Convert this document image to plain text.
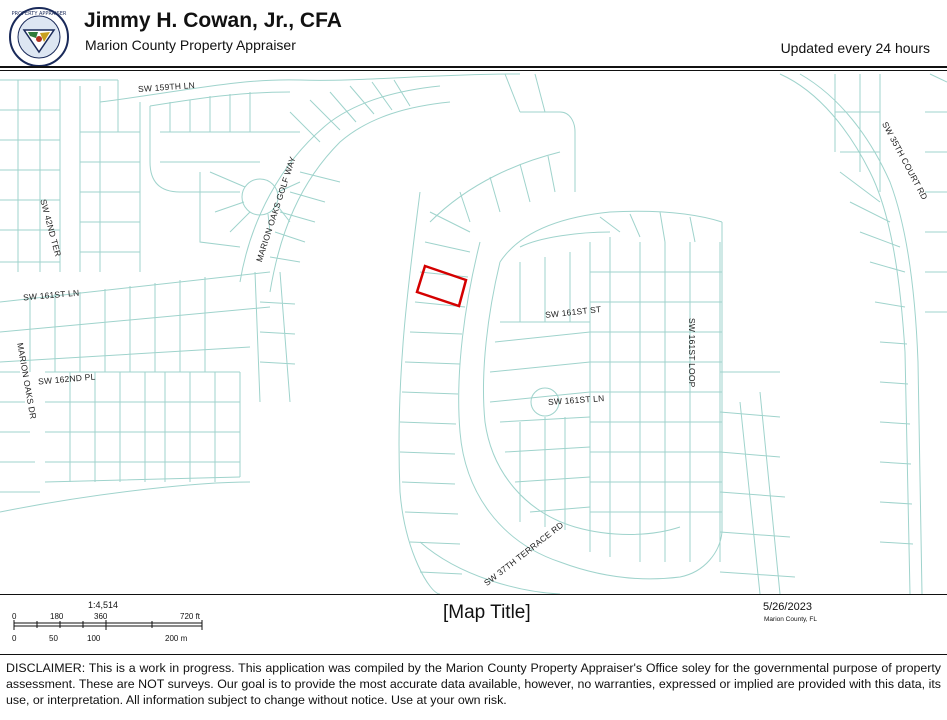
PROPERTY APPRAISER Jimmy H. Cowan, Jr., CFA
Marion County Property Appraiser	Updated every 24 hours
SW 159TH LN
SW 42ND TER	MARION OAKS GOLF WAY
SW 161ST LN
MARION OAKS DR SW 162ND PL
SW 161ST ST
SW 161ST LOOP
SW 161ST LN
SW 37TH TERRACE RD
SW 35TH COURT RD
1:4,514
0	180	360	720 ft
0	50	100	200 m
[Map Title]	5/26/2023
Marion County, FL
DISCLAIMER: This is a work in progress. This application was compiled by the Marion County Property Appraiser's Office soley for the governmental purpose of property assessment. These are NOT surveys. Our goal is to provide the most accurate data available, however, no warranties, expressed or implied are provided with this data, its use, or interpretation. All information subject to change without notice. Use at your own risk.
